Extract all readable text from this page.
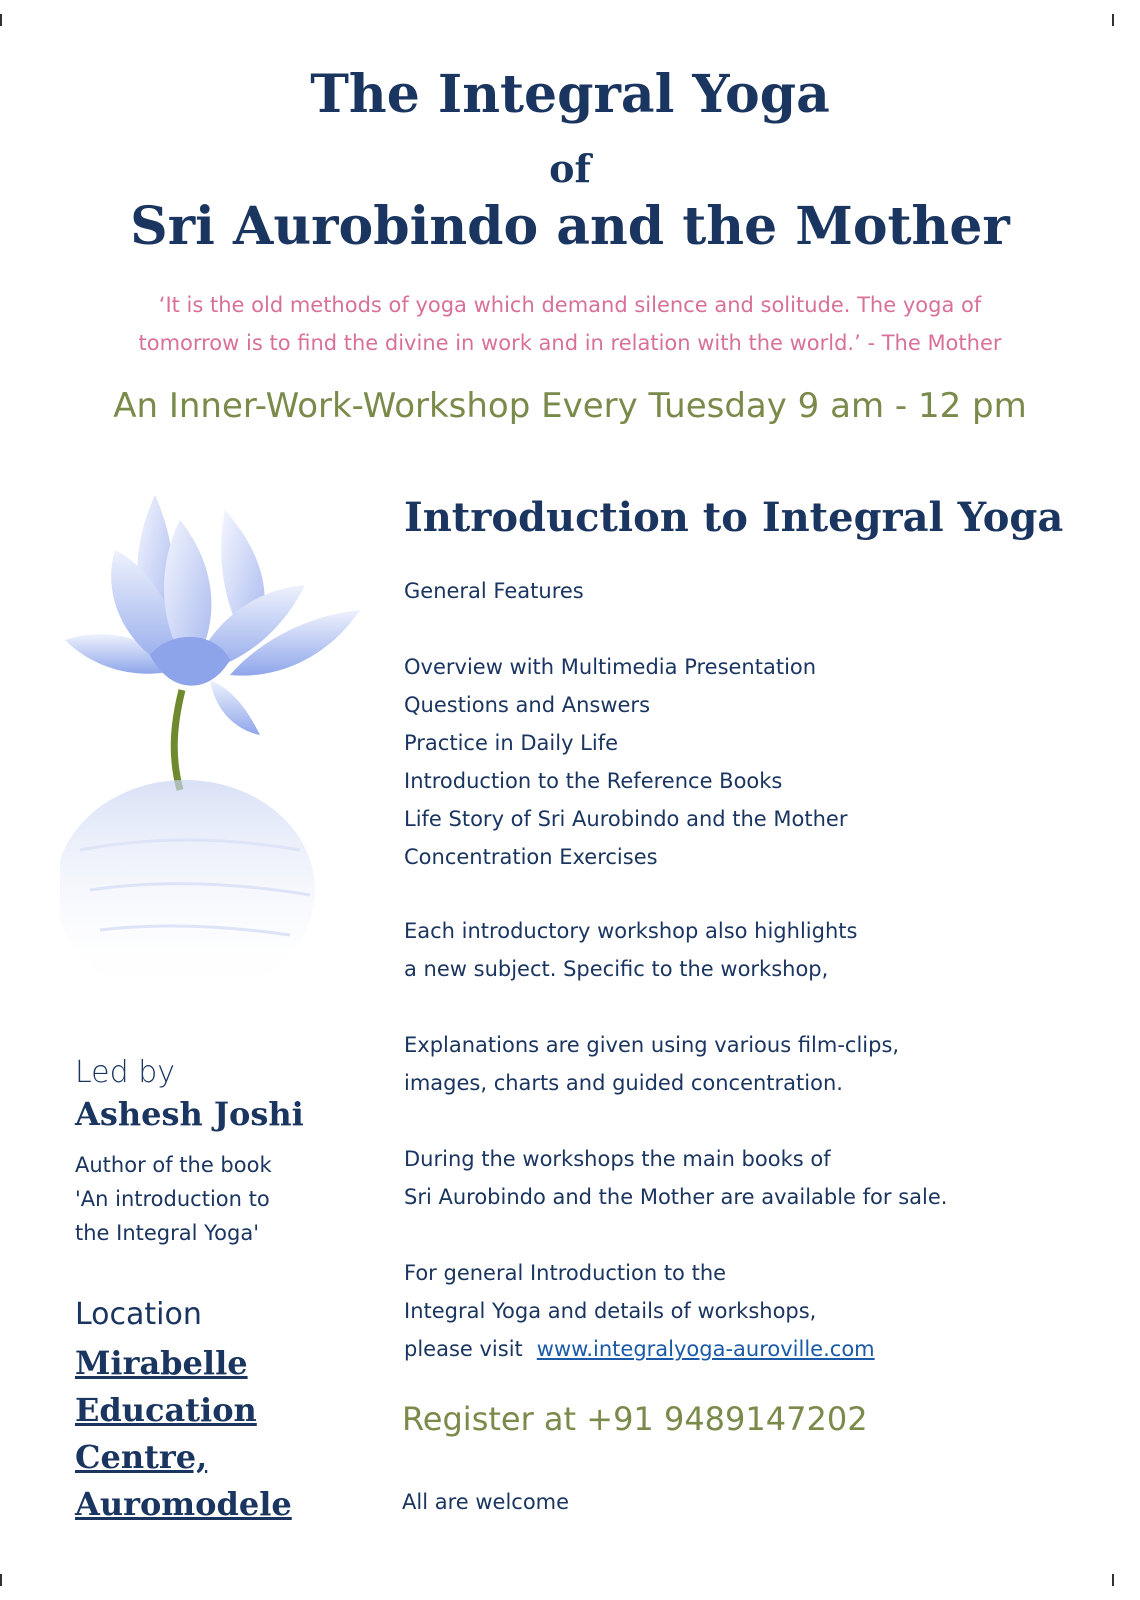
The Integral Yoga
of
Sri Aurobindo and the Mother
‘It is the old methods of yoga which demand silence and solitude. The yoga of
tomorrow is to find the divine in work and in relation with the world.’ - The Mother
An Inner-Work-Workshop Every Tuesday 9 am - 12 pm
Led by
Ashesh Joshi
Author of the book
'An introduction to
the Integral Yoga'
Location
Mirabelle
Education
Centre,
Auromodele
Introduction to Integral Yoga
General Features
Overview with Multimedia Presentation
Questions and Answers
Practice in Daily Life
Introduction to the Reference Books
Life Story of Sri Aurobindo and the Mother
Concentration Exercises
Each introductory workshop also highlights
a new subject. Specific to the workshop,
Explanations are given using various film-clips,
images, charts and guided concentration.
During the workshops the main books of
Sri Aurobindo and the Mother are available for sale.
For general Introduction to the
Integral Yoga and details of workshops,
please visit www.integralyoga-auroville.com
Register at +91 9489147202
All are welcome
